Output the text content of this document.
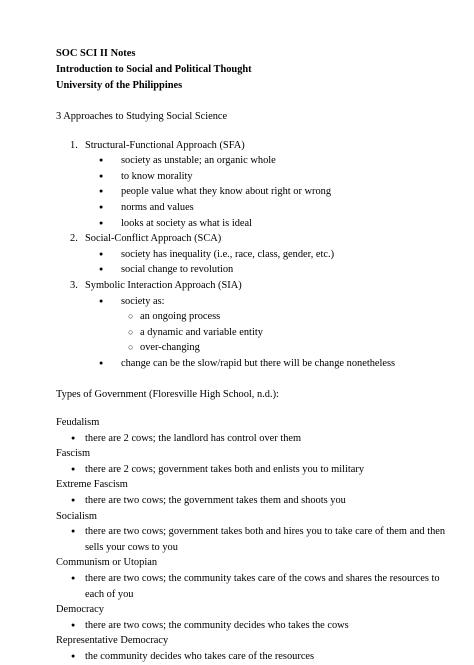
SOC SCI II Notes
Introduction to Social and Political Thought
University of the Philippines
3 Approaches to Studying Social Science
1. Structural-Functional Approach (SFA)
●	society as unstable; an organic whole
●	to know morality
●	people value what they know about right or wrong
●	norms and values
●	looks at society as what is ideal
2. Social-Conflict Approach (SCA)
●	society has inequality (i.e., race, class, gender, etc.)
●	social change to revolution
3. Symbolic Interaction Approach (SIA)
●	society as:
○ an ongoing process
○ a dynamic and variable entity
○ over-changing
●	change can be the slow/rapid but there will be change nonetheless
Types of Government (Floresville High School, n.d.):
Feudalism
● there are 2 cows; the landlord has control over them
Fascism
● there are 2 cows; government takes both and enlists you to military
Extreme Fascism
● there are two cows; the government takes them and shoots you
Socialism
● there are two cows; government takes both and hires you to take care of them and then
sells your cows to you
Communism or Utopian
● there are two cows; the community takes care of the cows and shares the resources to
each of you
Democracy
● there are two cows; the community decides who takes the cows
Representative Democracy
● the community decides who takes care of the resources
